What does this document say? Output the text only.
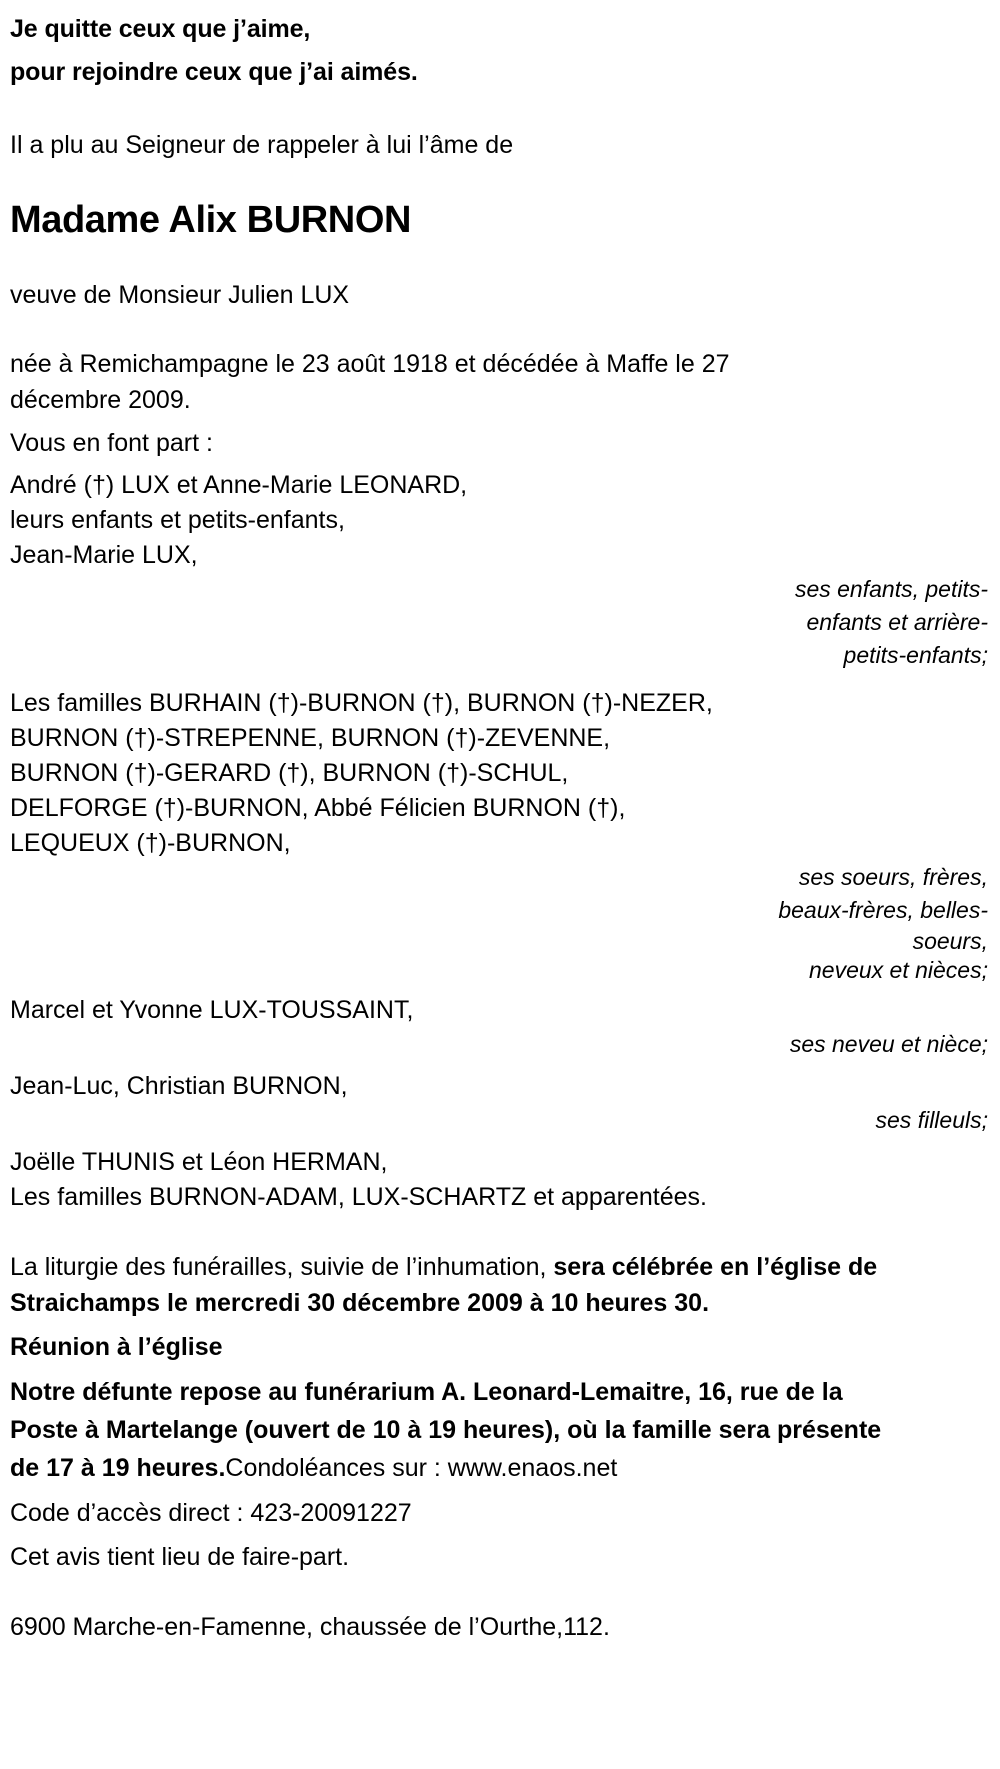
Je quitte ceux que j’aime,
pour rejoindre ceux que j’ai aimés.
Il a plu au Seigneur de rappeler à lui l’âme de
Madame Alix BURNON
veuve de Monsieur Julien LUX
née à Remichampagne le 23 août 1918 et décédée à Maffe le 27 décembre 2009.
Vous en font part :
André (†) LUX et Anne-Marie LEONARD,
leurs enfants et petits-enfants,
Jean-Marie LUX,
ses enfants, petits-
enfants et arrière-
petits-enfants;
Les familles BURHAIN (†)-BURNON (†), BURNON (†)-NEZER,
BURNON (†)-STREPENNE, BURNON (†)-ZEVENNE,
BURNON (†)-GERARD (†), BURNON (†)-SCHUL,
DELFORGE (†)-BURNON, Abbé Félicien BURNON (†),
LEQUEUX (†)-BURNON,
ses soeurs, frères,
beaux-frères, belles-
soeurs,
neveux et nièces;
Marcel et Yvonne LUX-TOUSSAINT,
ses neveu et nièce;
Jean-Luc, Christian BURNON,
ses filleuls;
Joëlle THUNIS et Léon HERMAN,
Les familles BURNON-ADAM, LUX-SCHARTZ et apparentées.
La liturgie des funérailles, suivie de l’inhumation, sera célébrée en l’église de Straichamps le mercredi 30 décembre 2009 à 10 heures 30.
Réunion à l’église
Notre défunte repose au funérarium A. Leonard-Lemaitre, 16, rue de la Poste à Martelange (ouvert de 10 à 19 heures), où la famille sera présente de 17 à 19 heures.Condoléances sur : www.enaos.net
Code d’accès direct : 423-20091227
Cet avis tient lieu de faire-part.
6900 Marche-en-Famenne, chaussée de l’Ourthe,112.
